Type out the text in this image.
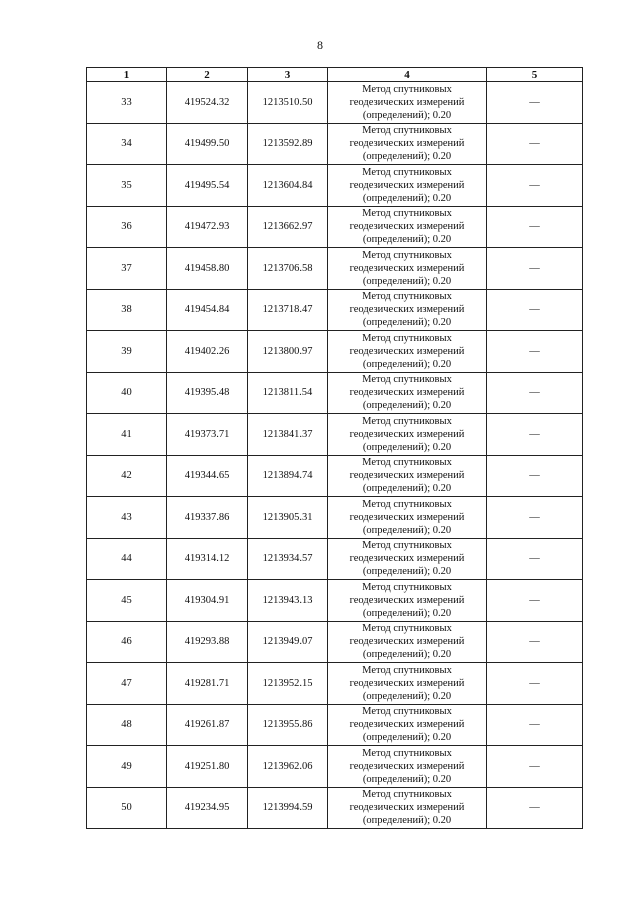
8
1	2	3	4	5
33	419524.32	1213510.50	Метод спутниковых
геодезических измерений
(определений); 0.20	—
34	419499.50	1213592.89	Метод спутниковых
геодезических измерений
(определений); 0.20	—
35	419495.54	1213604.84	Метод спутниковых
геодезических измерений
(определений); 0.20	—
36	419472.93	1213662.97	Метод спутниковых
геодезических измерений
(определений); 0.20	—
37	419458.80	1213706.58	Метод спутниковых
геодезических измерений
(определений); 0.20	—
38	419454.84	1213718.47	Метод спутниковых
геодезических измерений
(определений); 0.20	—
39	419402.26	1213800.97	Метод спутниковых
геодезических измерений
(определений); 0.20	—
40	419395.48	1213811.54	Метод спутниковых
геодезических измерений
(определений); 0.20	—
41	419373.71	1213841.37	Метод спутниковых
геодезических измерений
(определений); 0.20	—
42	419344.65	1213894.74	Метод спутниковых
геодезических измерений
(определений); 0.20	—
43	419337.86	1213905.31	Метод спутниковых
геодезических измерений
(определений); 0.20	—
44	419314.12	1213934.57	Метод спутниковых
геодезических измерений
(определений); 0.20	—
45	419304.91	1213943.13	Метод спутниковых
геодезических измерений
(определений); 0.20	—
46	419293.88	1213949.07	Метод спутниковых
геодезических измерений
(определений); 0.20	—
47	419281.71	1213952.15	Метод спутниковых
геодезических измерений
(определений); 0.20	—
48	419261.87	1213955.86	Метод спутниковых
геодезических измерений
(определений); 0.20	—
49	419251.80	1213962.06	Метод спутниковых
геодезических измерений
(определений); 0.20	—
50	419234.95	1213994.59	Метод спутниковых
геодезических измерений
(определений); 0.20	—
